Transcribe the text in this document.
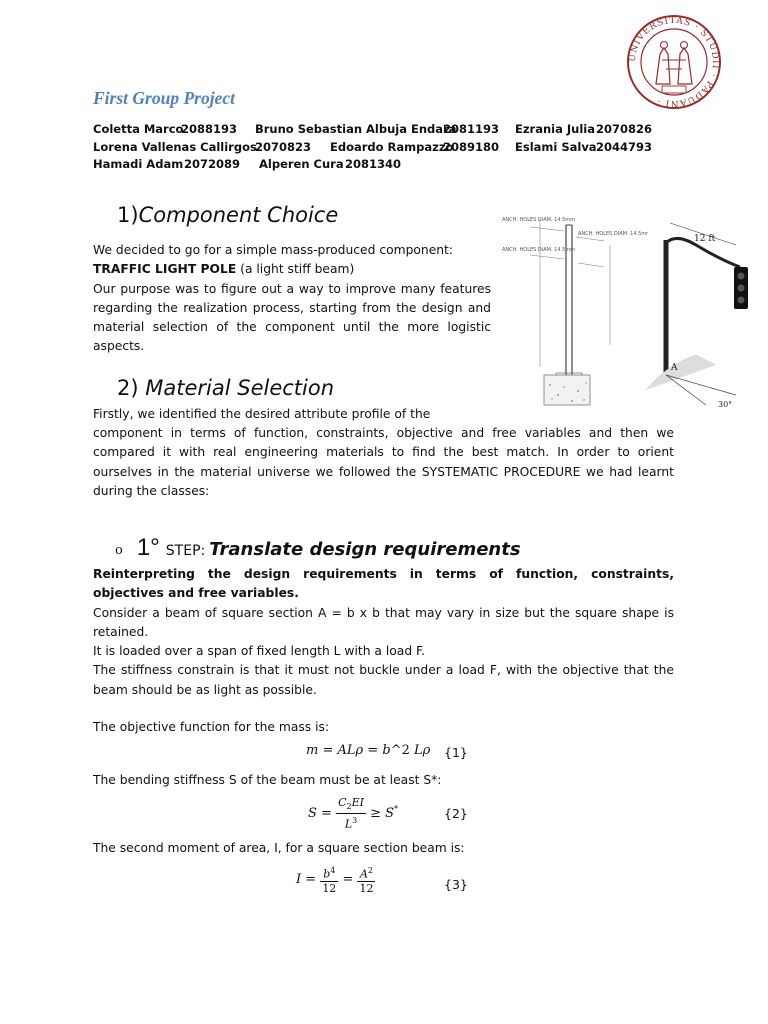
UNIVERSITAS · STUDII · PADUANI ·
First Group Project
Coletta Marco2088193 Bruno Sebastian Albuja Endara2081193 Ezrania Julia2070826
Lorena Vallenas Callirgos2070823 Edoardo Rampazzo2089180 Eslami Salva2044793
Hamadi Adam2072089 Alperen Cura2081340
1)Component Choice

We decided to go for a simple mass-produced component:

TRAFFIC LIGHT POLE (a light stiff beam)

Our purpose was to figure out a way to improve many features regarding the realization process, starting from the design and material selection of the component until the more logistic aspects.

ANCH. HOLES DIAM. 14.5mm
ANCH. HOLES DIAM. 14.5mm
ANCH. HOLES DIAM. 14.5mm
12 ft
A
30°
2) Material Selection
Firstly, we identified the desired attribute profile of the
component in terms of function, constraints, objective and free variables and then we compared it with real engineering materials to find the best match. In order to orient ourselves in the material universe we followed the SYSTEMATIC PROCEDURE we had learnt during the classes:
o 1° STEP: Translate design requirements

Reinterpreting the design requirements in terms of function, constraints, objectives and free variables.

Consider a beam of square section A = b x b that may vary in size but the square shape is retained.

It is loaded over a span of fixed length L with a load F.

The stiffness constrain is that it must not buckle under a load F, with the objective that the beam should be as light as possible.

The objective function for the mass is:
m = ALρ = b^2 Lρ {1}
The bending stiffness S of the beam must be at least S*:
$S = \frac{C_2EI}{L^3} \ge S^*$	{2}
The second moment of area, I, for a square section beam is:
$I = \frac{b^4}{12} = \frac{A^2}{12}$	{3}
